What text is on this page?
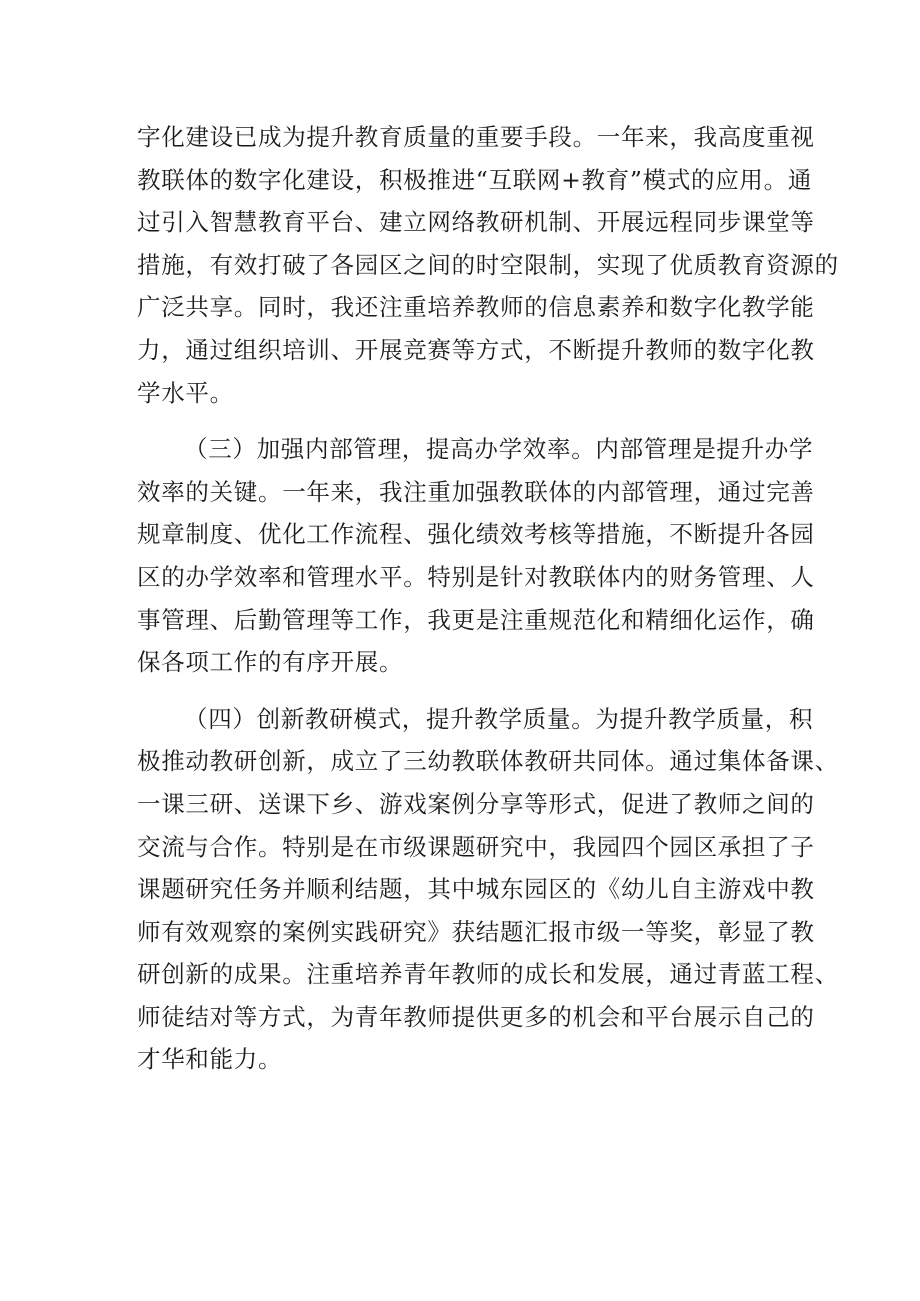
字化建设已成为提升教育质量的重要手段。一年来，我高度重视
教联体的数字化建设，积极推进“互联网+教育”模式的应用。通
过引入智慧教育平台、建立网络教研机制、开展远程同步课堂等
措施，有效打破了各园区之间的时空限制，实现了优质教育资源的
广泛共享。同时，我还注重培养教师的信息素养和数字化教学能
力，通过组织培训、开展竞赛等方式，不断提升教师的数字化教
学水平。
（三）加强内部管理，提高办学效率。内部管理是提升办学
效率的关键。一年来，我注重加强教联体的内部管理，通过完善
规章制度、优化工作流程、强化绩效考核等措施，不断提升各园
区的办学效率和管理水平。特别是针对教联体内的财务管理、人
事管理、后勤管理等工作，我更是注重规范化和精细化运作，确
保各项工作的有序开展。
（四）创新教研模式，提升教学质量。为提升教学质量，积
极推动教研创新，成立了三幼教联体教研共同体。通过集体备课、
一课三研、送课下乡、游戏案例分享等形式，促进了教师之间的
交流与合作。特别是在市级课题研究中，我园四个园区承担了子
课题研究任务并顺利结题，其中城东园区的《幼儿自主游戏中教
师有效观察的案例实践研究》获结题汇报市级一等奖，彰显了教
研创新的成果。注重培养青年教师的成长和发展，通过青蓝工程、
师徒结对等方式，为青年教师提供更多的机会和平台展示自己的
才华和能力。
